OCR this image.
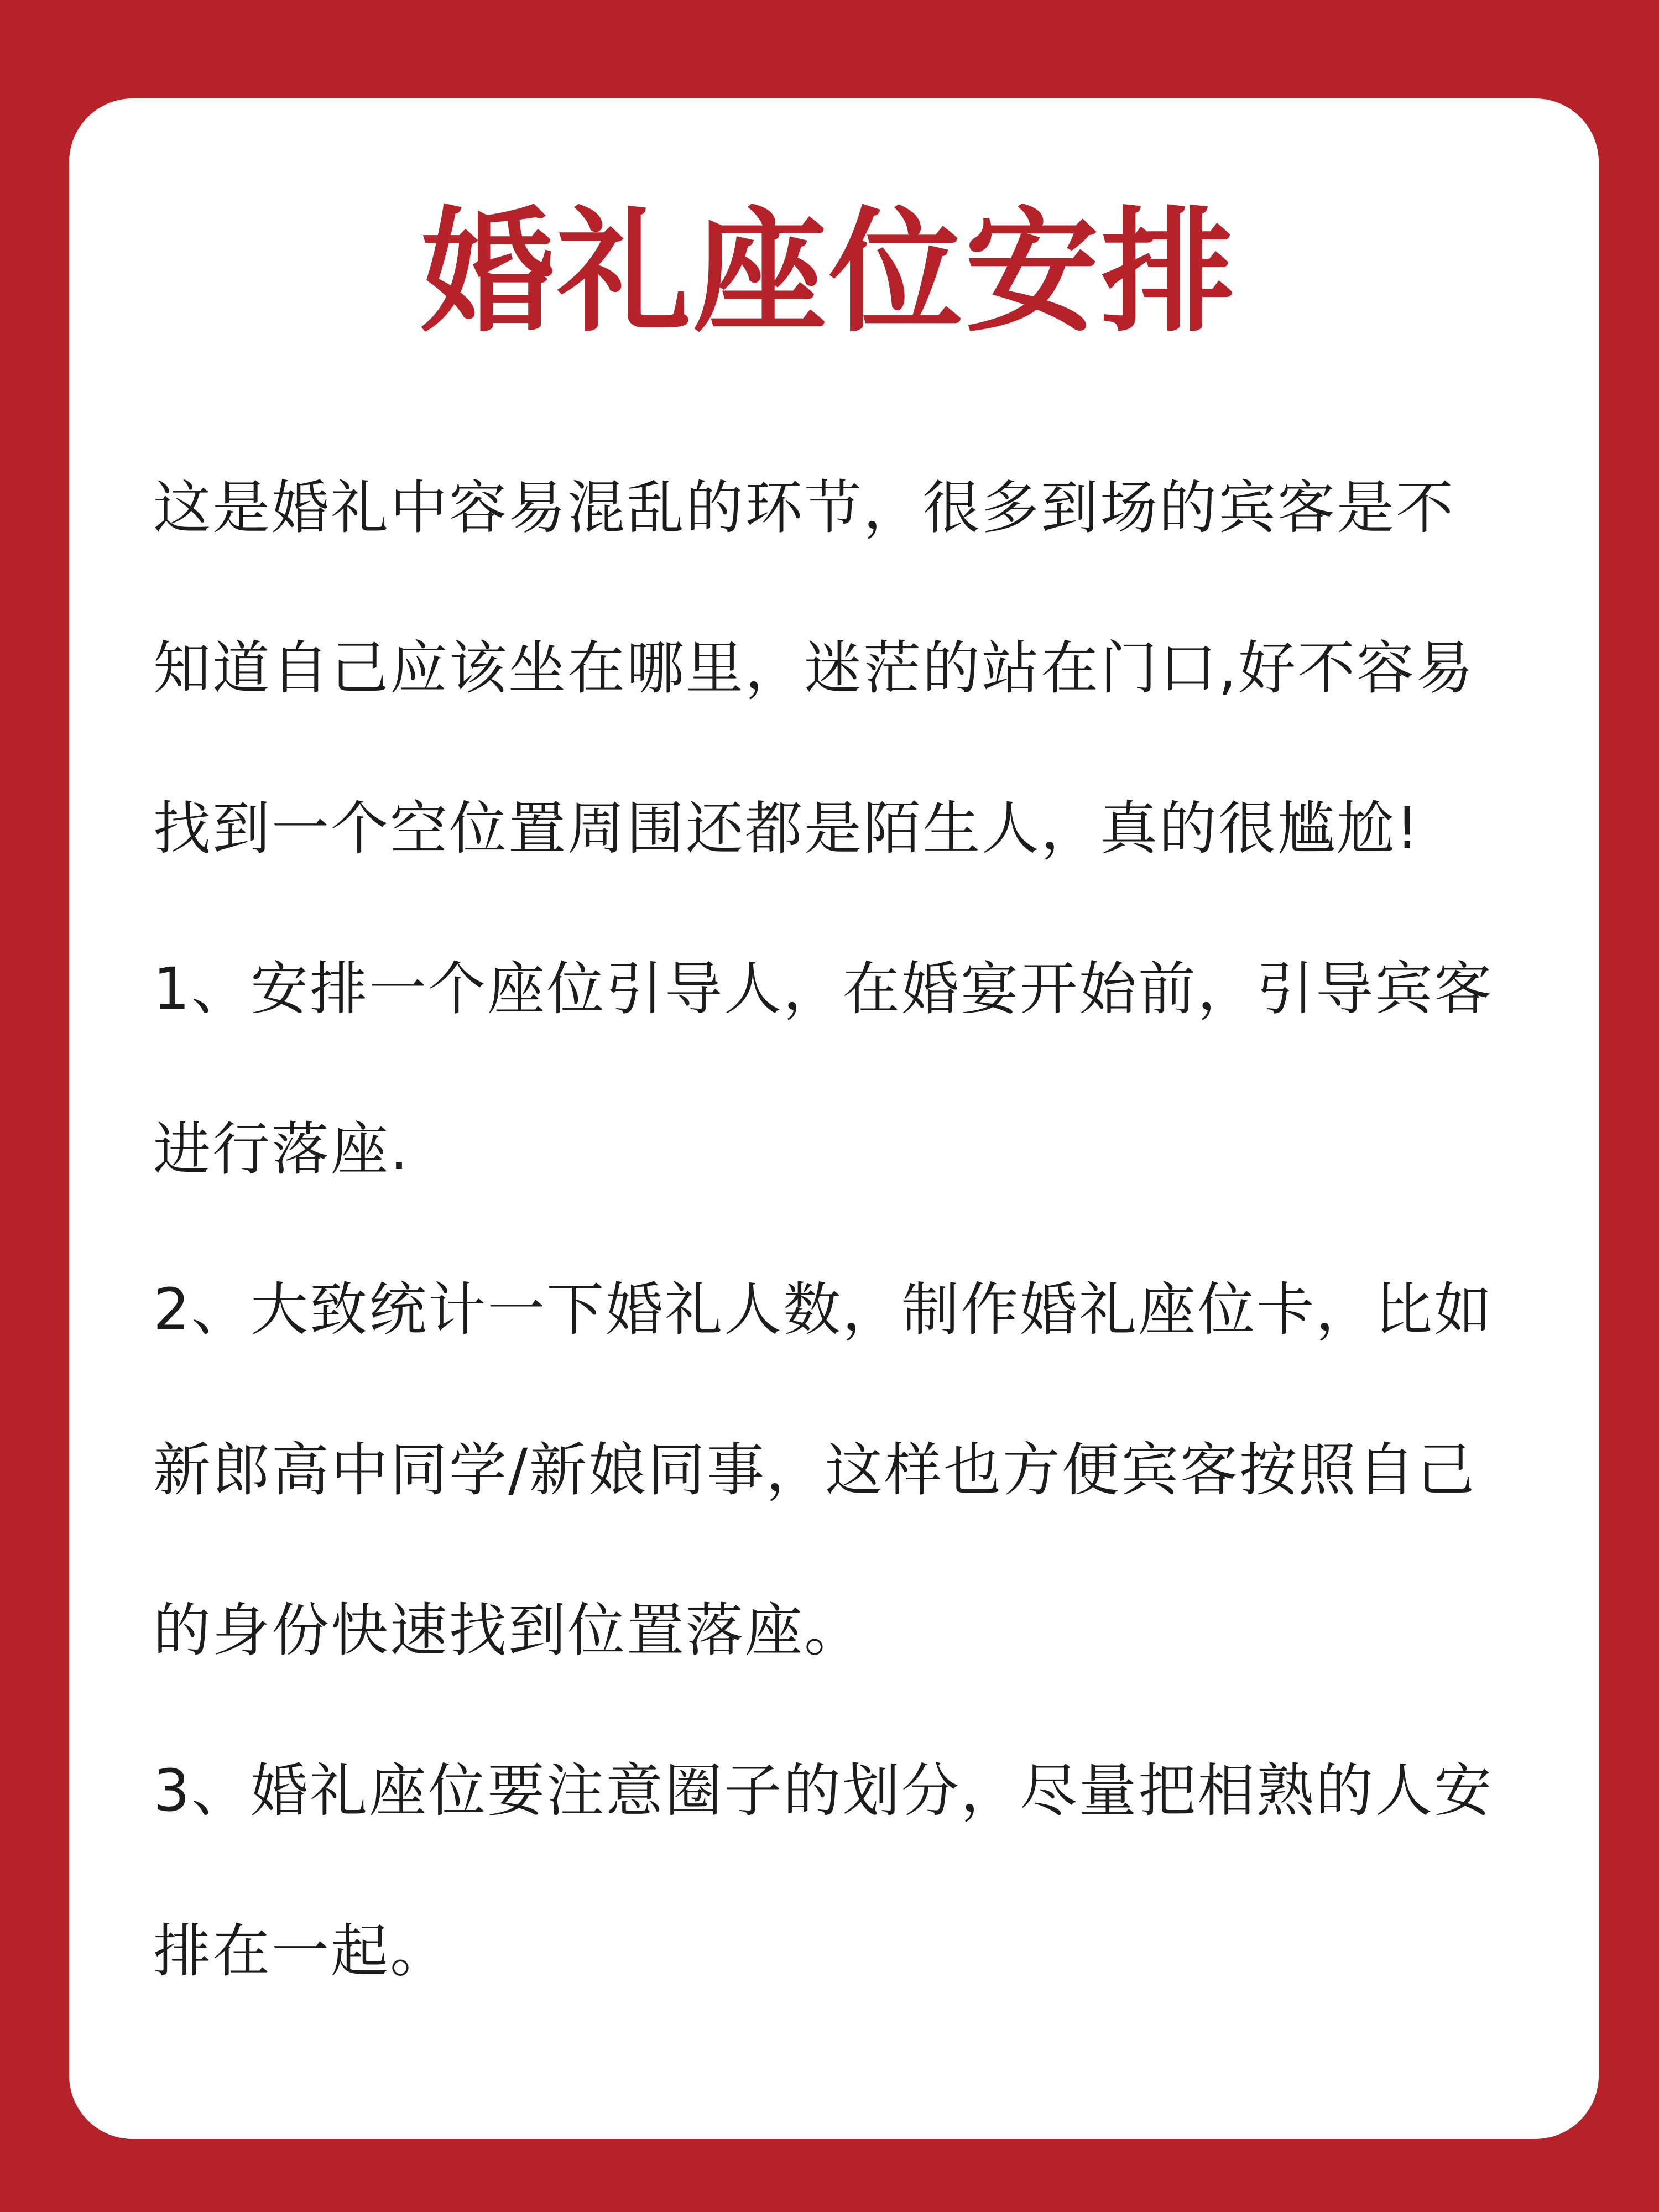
婚礼座位安排

这是婚礼中容易混乱的环节，很多到场的宾客是不知道自己应该坐在哪里，迷茫的站在门口,好不容易找到一个空位置周围还都是陌生人，真的很尴尬!

1、安排一个座位引导人，在婚宴开始前，引导宾客进行落座.

2、大致统计一下婚礼人数，制作婚礼座位卡，比如新郎高中同学/新娘同事，这样也方便宾客按照自己的身份快速找到位置落座。

3、婚礼座位要注意圈子的划分，尽量把相熟的人安排在一起。
